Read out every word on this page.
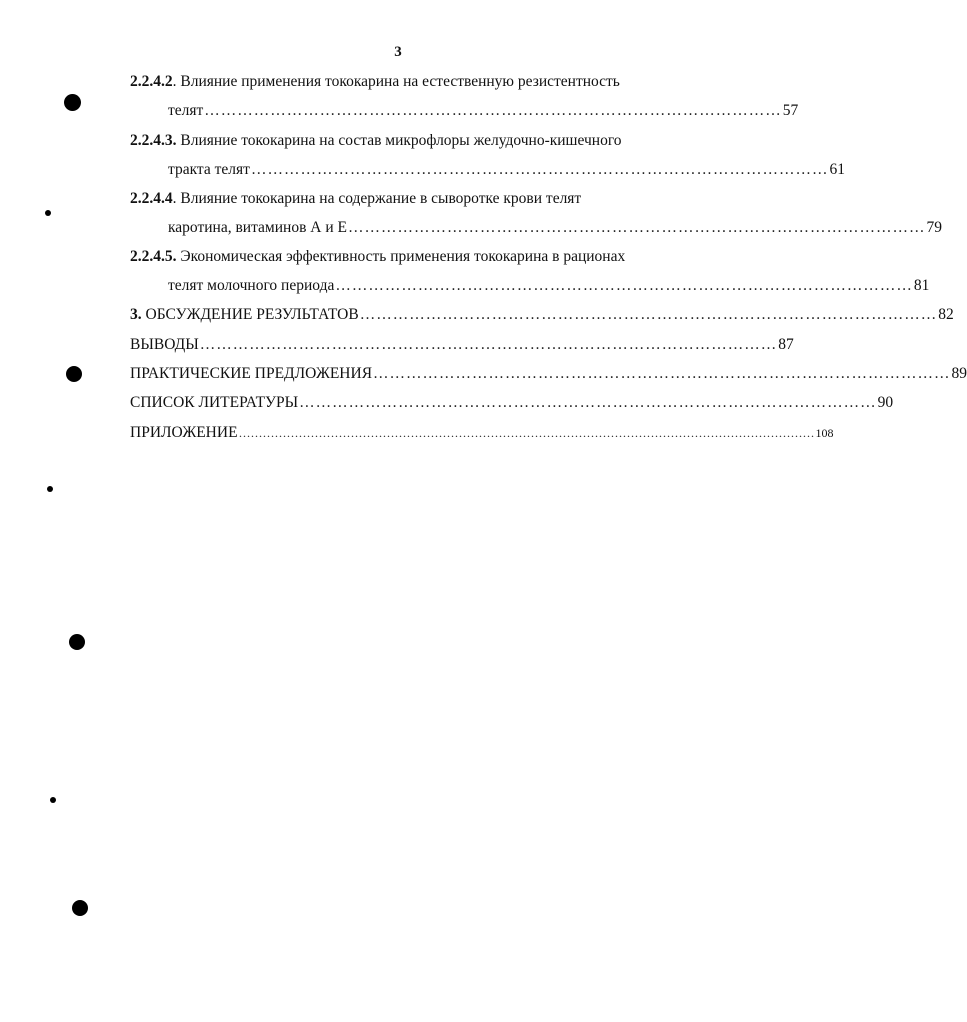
3
2.2.4.2. Влияние применения тококарина на естественную резистентность
телят …………………………………………………………………………………………… 57
2.2.4.3. Влияние тококарина на состав микрофлоры желудочно-кишечного
тракта телят …………………………………………………………………………………………… 61
2.2.4.4. Влияние тококарина на содержание в сыворотке крови телят
каротина, витаминов А и Е …………………………………………………………………………………………… 79
2.2.4.5. Экономическая эффективность применения тококарина в рационах
телят молочного периода …………………………………………………………………………………………… 81
3. ОБСУЖДЕНИЕ РЕЗУЛЬТАТОВ …………………………………………………………………………………………… 82
ВЫВОДЫ …………………………………………………………………………………………… 87
ПРАКТИЧЕСКИЕ ПРЕДЛОЖЕНИЯ …………………………………………………………………………………………… 89
СПИСОК ЛИТЕРАТУРЫ …………………………………………………………………………………………… 90
ПРИЛОЖЕНИЕ ……………………………………………………………………………………………………………………………… 108
